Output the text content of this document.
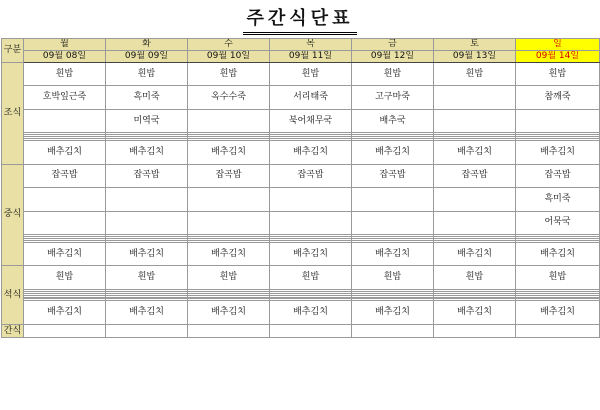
주간식단표
구분	월	화	수	목	금	토	일
	09월 08일	09월 09일	09월 10일	09월 11일	09월 12일	09월 13일	09월 14일
조식	흰밥	흰밥	흰밥	흰밥	흰밥	흰밥	흰밥
	호박잎근죽	흑미죽	옥수수죽	서리태죽	고구마죽		참깨죽
		미역국		북어채무국	배추국		

	배추김치	배추김치	배추김치	배추김치	배추김치	배추김치	배추김치
중식	잡곡밥	잡곡밥	잡곡밥	잡곡밥	잡곡밥	잡곡밥	잡곡밥
							흑미죽
							어묵국

	배추김치	배추김치	배추김치	배추김치	배추김치	배추김치	배추김치
석식	흰밥	흰밥	흰밥	흰밥	흰밥	흰밥	흰밥

	배추김치	배추김치	배추김치	배추김치	배추김치	배추김치	배추김치
간식							
